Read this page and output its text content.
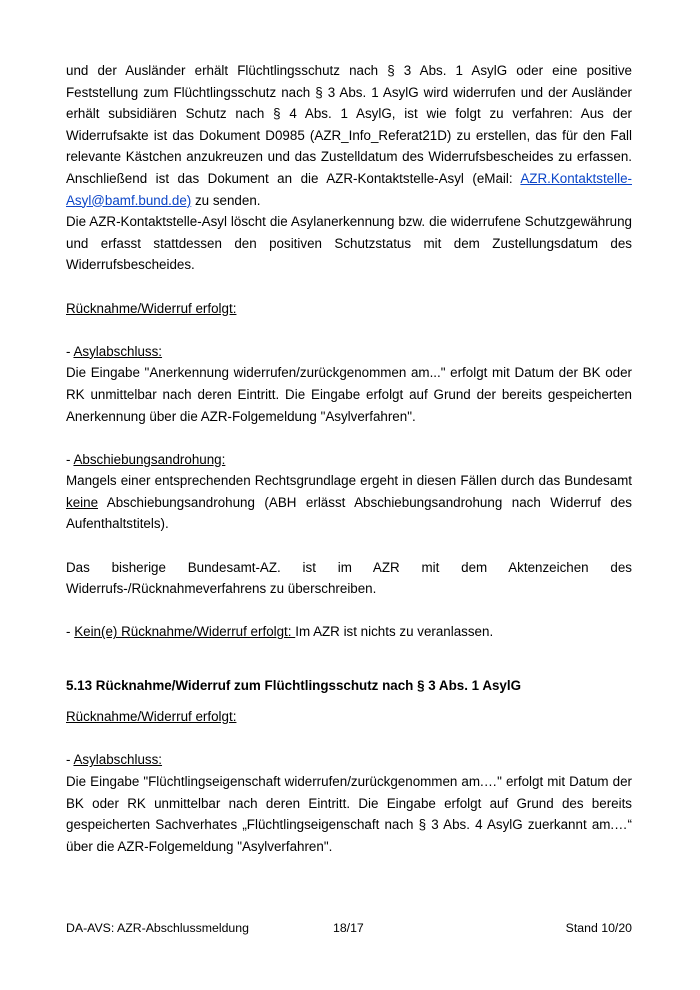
und der Ausländer erhält Flüchtlingsschutz nach § 3 Abs. 1 AsylG oder eine positive Feststellung zum Flüchtlingsschutz nach § 3 Abs. 1 AsylG wird widerrufen und der Ausländer erhält subsidiären Schutz nach § 4 Abs. 1 AsylG, ist wie folgt zu verfahren: Aus der Widerrufsakte ist das Dokument D0985 (AZR_Info_Referat21D) zu erstellen, das für den Fall relevante Kästchen anzukreuzen und das Zustelldatum des Widerrufsbescheides zu erfassen. Anschließend ist das Dokument an die AZR-Kontaktstelle-Asyl (eMail: AZR.Kontaktstelle-Asyl@bamf.bund.de) zu senden.

Die AZR-Kontaktstelle-Asyl löscht die Asylanerkennung bzw. die widerrufene Schutzgewährung und erfasst stattdessen den positiven Schutzstatus mit dem Zustellungsdatum des Widerrufsbescheides.

Rücknahme/Widerruf erfolgt:

- Asylabschluss:

Die Eingabe "Anerkennung widerrufen/zurückgenommen am..." erfolgt mit Datum der BK oder RK unmittelbar nach deren Eintritt. Die Eingabe erfolgt auf Grund der bereits gespeicherten Anerkennung über die AZR-Folgemeldung "Asylverfahren".

- Abschiebungsandrohung:

Mangels einer entsprechenden Rechtsgrundlage ergeht in diesen Fällen durch das Bundesamt keine Abschiebungsandrohung (ABH erlässt Abschiebungsandrohung nach Widerruf des Aufenthaltstitels).

Das bisherige Bundesamt-AZ. ist im AZR mit dem Aktenzeichen des Widerrufs-/Rücknahmeverfahrens zu überschreiben.

- Kein(e) Rücknahme/Widerruf erfolgt: Im AZR ist nichts zu veranlassen.

5.13 Rücknahme/Widerruf zum Flüchtlingsschutz nach § 3 Abs. 1 AsylG

Rücknahme/Widerruf erfolgt:

- Asylabschluss:

Die Eingabe "Flüchtlingseigenschaft widerrufen/zurückgenommen am.…" erfolgt mit Datum der BK oder RK unmittelbar nach deren Eintritt. Die Eingabe erfolgt auf Grund des bereits gespeicherten Sachverhates „Flüchtlingseigenschaft nach § 3 Abs. 4 AsylG zuerkannt am.…“ über die AZR-Folgemeldung "Asylverfahren".

DA-AVS: AZR-Abschlussmeldung	18/17	Stand 10/20
